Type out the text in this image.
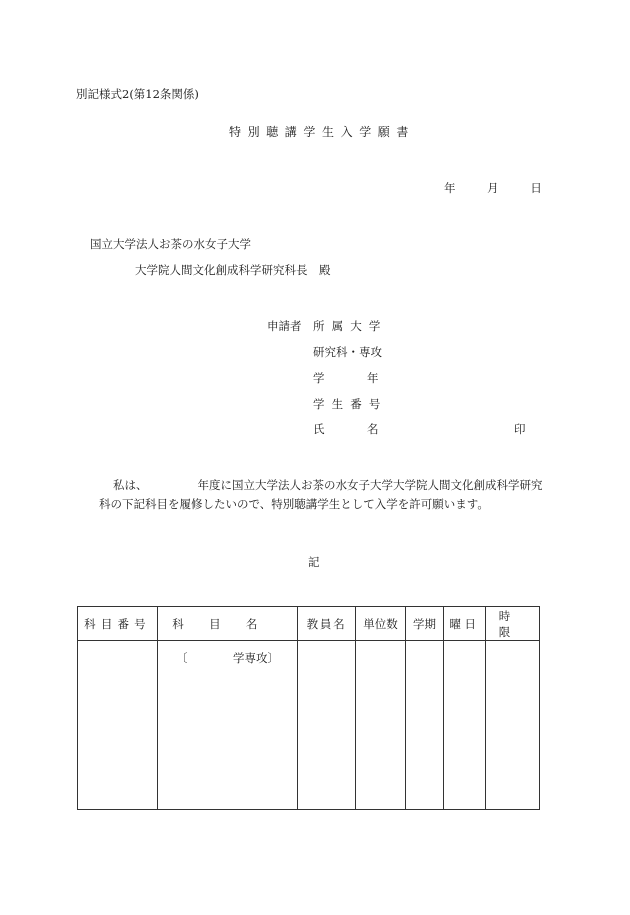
別記様式2(第12条関係)
特別聴講学生入学願書
年	月	日
国立大学法人お茶の水女子大学
大学院人間文化創成科学研究科長　殿
申請者 所属大学
研究科・専攻
学年
学生番号
氏名	印
私は、	年度に国立大学法人お茶の水女子大学大学院人間文化創成科学研究
科の下記科目を履修したいので、特別聴講学生として入学を許可願います。
記
科目番号	科目名	教員名	単位数	学期	曜日	時限

	〔 学専攻〕					
